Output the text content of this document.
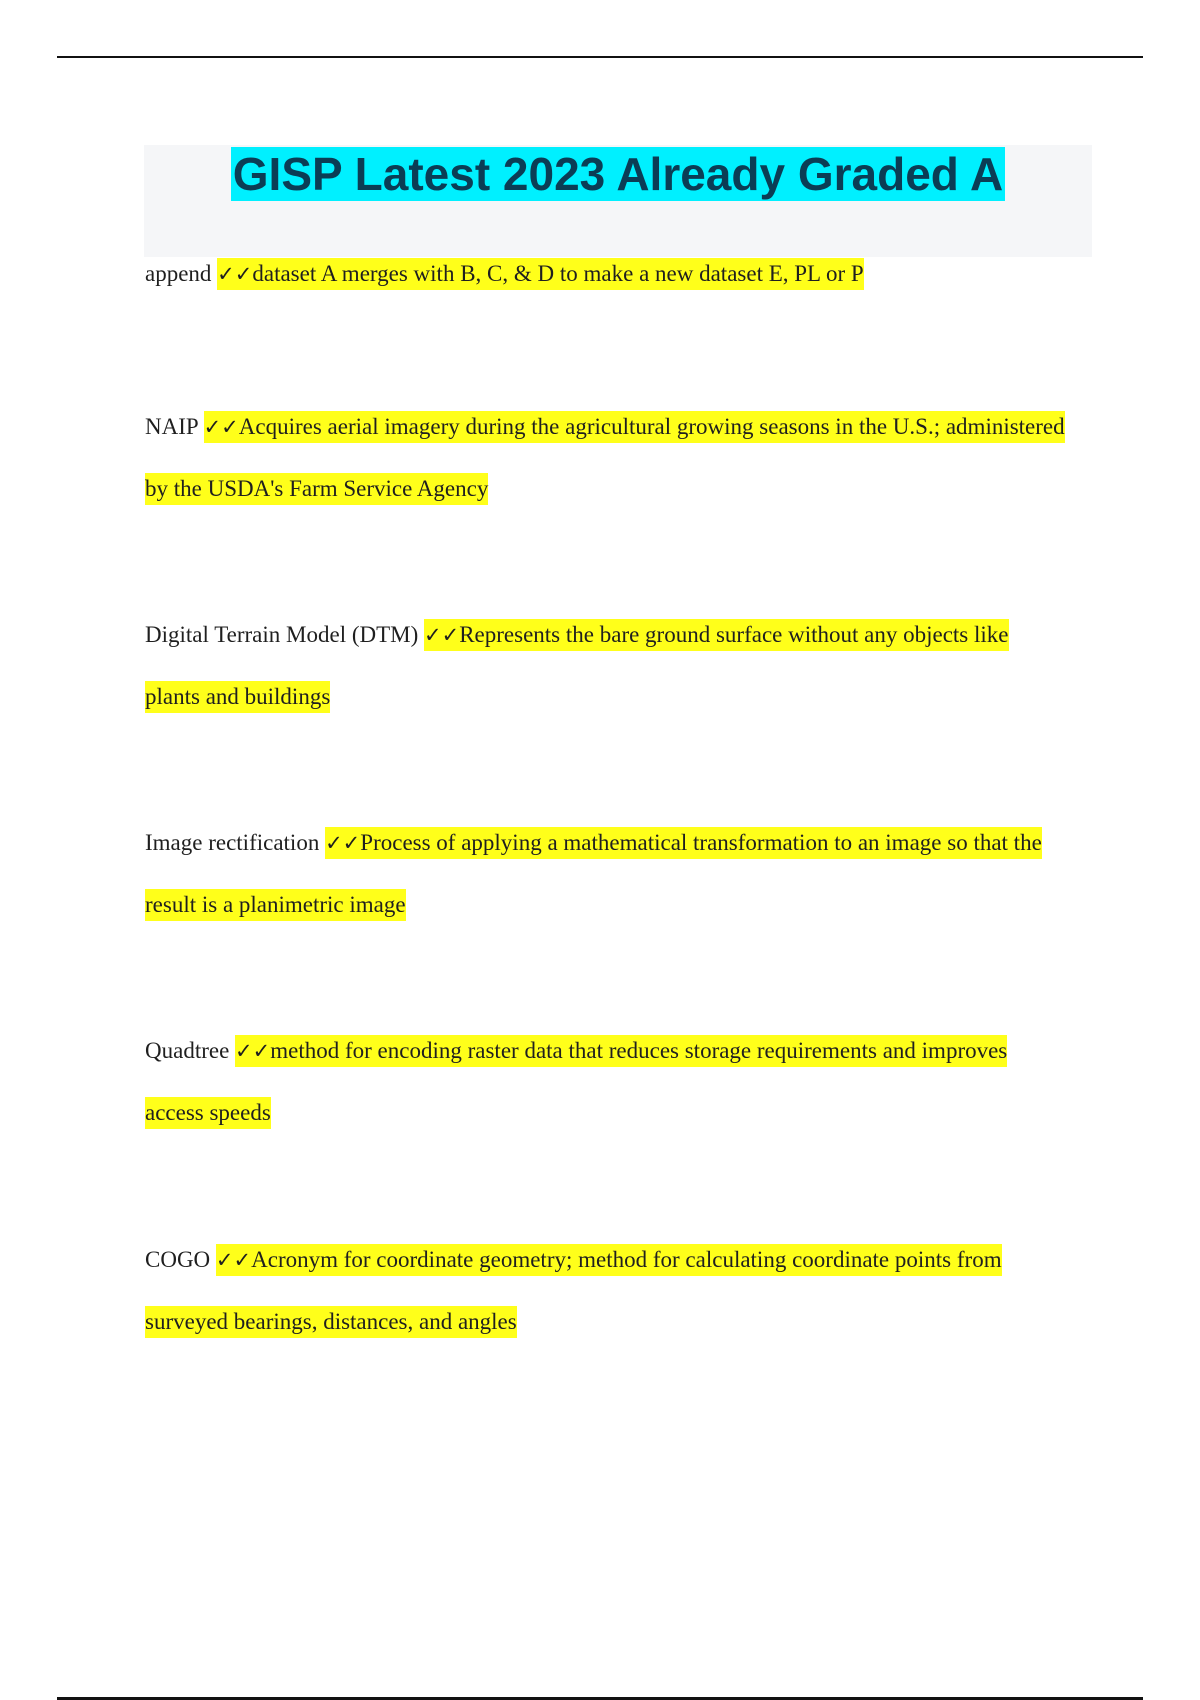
GISP Latest 2023 Already Graded A
append ✓✓dataset A merges with B, C, & D to make a new dataset E, PL or P
NAIP ✓✓Acquires aerial imagery during the agricultural growing seasons in the U.S.; administered by the USDA's Farm Service Agency
Digital Terrain Model (DTM) ✓✓Represents the bare ground surface without any objects like plants and buildings
Image rectification ✓✓Process of applying a mathematical transformation to an image so that the result is a planimetric image
Quadtree ✓✓method for encoding raster data that reduces storage requirements and improves access speeds
COGO ✓✓Acronym for coordinate geometry; method for calculating coordinate points from surveyed bearings, distances, and angles
